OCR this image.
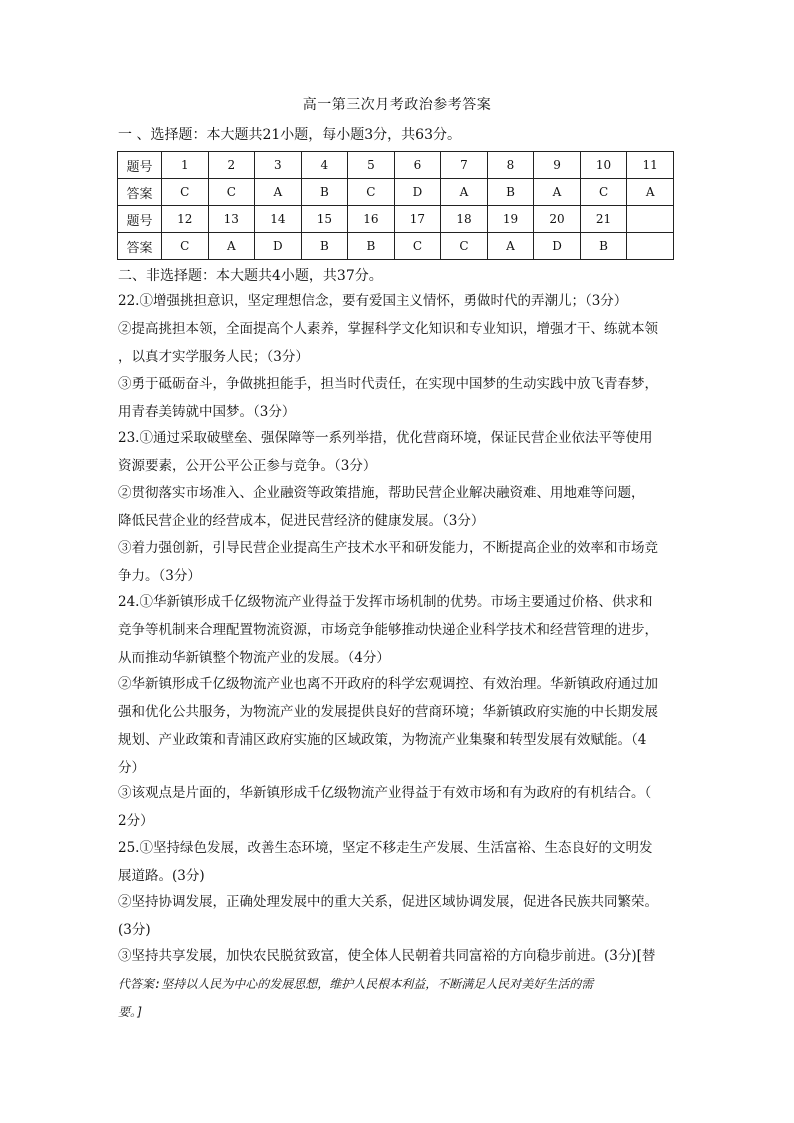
高一第三次月考政治参考答案
一 、选择题：本大题共21小题，每小题3分，共63分。
题号	1	2	3	4	5	6	7	8	9	10	11
答案	C	C	A	B	C	D	A	B	A	C	A
题号	12	13	14	15	16	17	18	19	20	21	
答案	C	A	D	B	B	C	C	A	D	B	
二、非选择题：本大题共4小题，共37分。
22.①增强挑担意识，坚定理想信念，要有爱国主义情怀，勇做时代的弄潮儿；（3分）
②提高挑担本领，全面提高个人素养，掌握科学文化知识和专业知识，增强才干、练就本领
，以真才实学服务人民；（3分）
③勇于砥砺奋斗，争做挑担能手，担当时代责任，在实现中国梦的生动实践中放飞青春梦，
用青春美铸就中国梦。（3分）
23.①通过采取破壁垒、强保障等一系列举措，优化营商环境，保证民营企业依法平等使用
资源要素，公开公平公正参与竞争。（3分）
②贯彻落实市场准入、企业融资等政策措施，帮助民营企业解决融资难、用地难等问题，
降低民营企业的经营成本，促进民营经济的健康发展。（3分）
③着力强创新，引导民营企业提高生产技术水平和研发能力，不断提高企业的效率和市场竞
争力。（3分）
24.①华新镇形成千亿级物流产业得益于发挥市场机制的优势。市场主要通过价格、供求和
竞争等机制来合理配置物流资源，市场竞争能够推动快递企业科学技术和经营管理的进步，
从而推动华新镇整个物流产业的发展。（4分）
②华新镇形成千亿级物流产业也离不开政府的科学宏观调控、有效治理。华新镇政府通过加
强和优化公共服务，为物流产业的发展提供良好的营商环境；华新镇政府实施的中长期发展
规划、产业政策和青浦区政府实施的区域政策，为物流产业集聚和转型发展有效赋能。（4
分）
③该观点是片面的，华新镇形成千亿级物流产业得益于有效市场和有为政府的有机结合。（
2分）
25.①坚持绿色发展，改善生态环境，坚定不移走生产发展、生活富裕、生态良好的文明发
展道路。(3分)
②坚持协调发展，正确处理发展中的重大关系，促进区域协调发展，促进各民族共同繁荣。
(3分)
③坚持共享发展，加快农民脱贫致富，使全体人民朝着共同富裕的方向稳步前进。(3分)[替
代答案:坚持以人民为中心的发展思想，维护人民根本利益，不断满足人民对美好生活的需
要。]
